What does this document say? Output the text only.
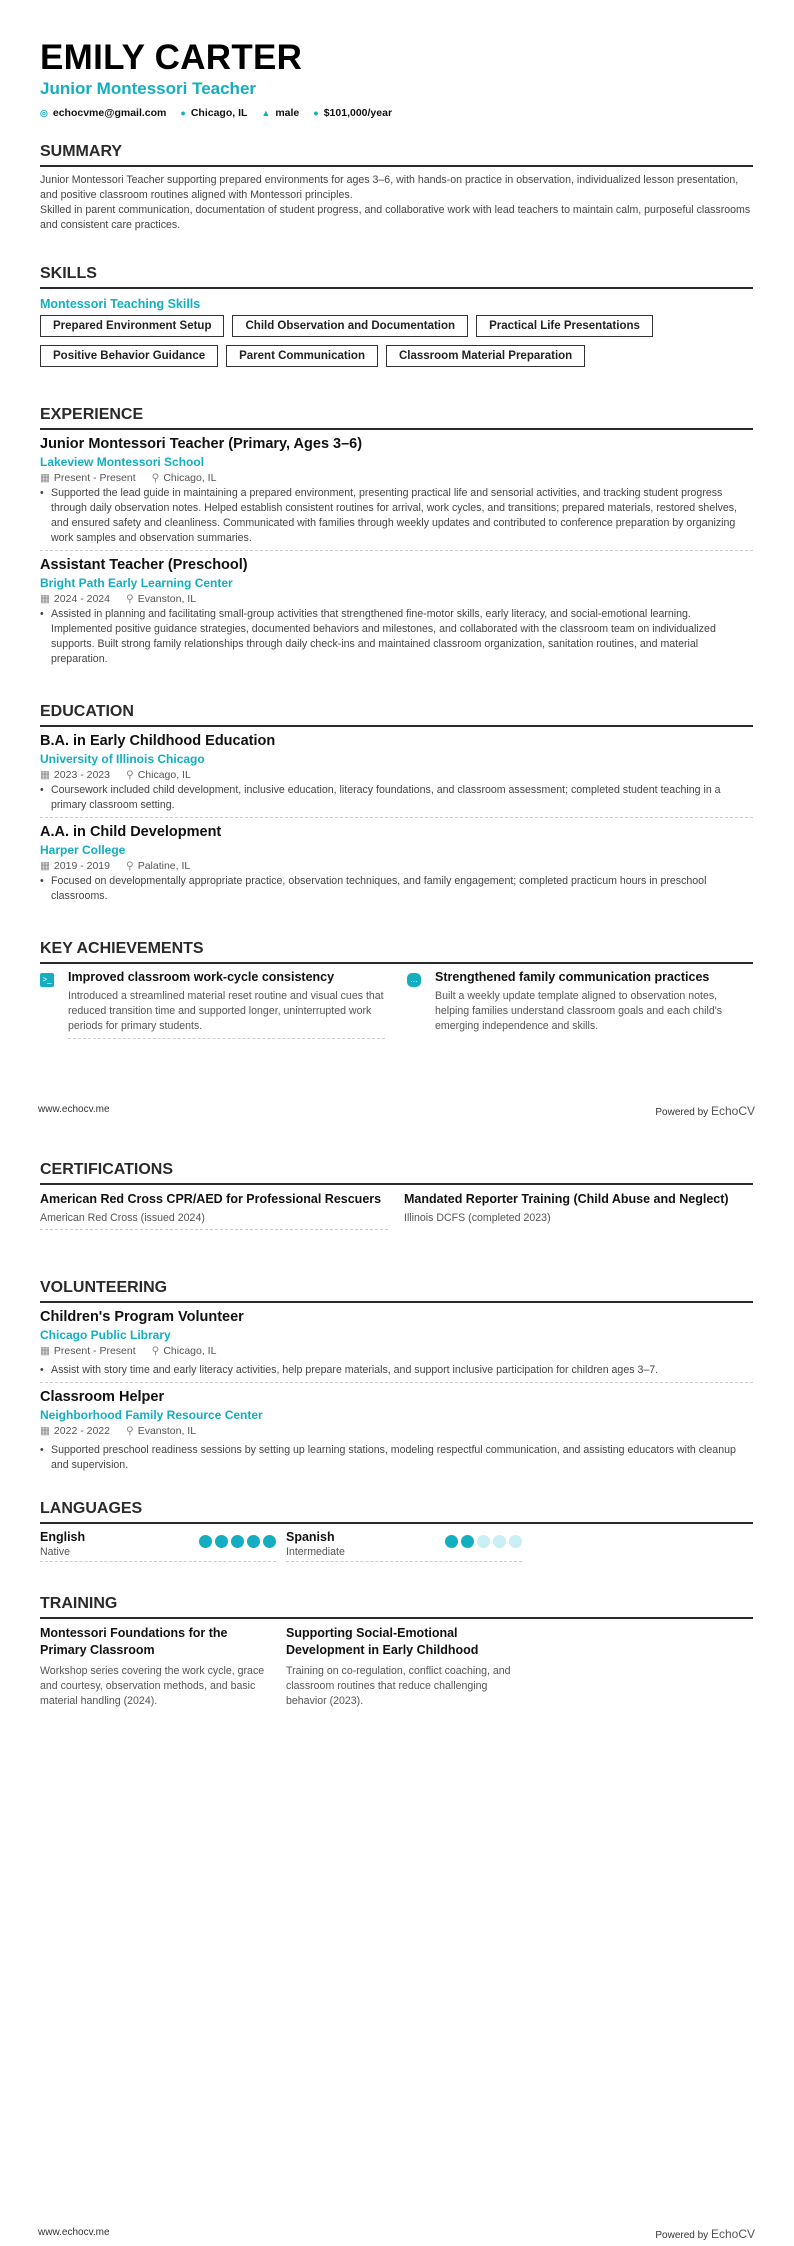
EMILY CARTER
Junior Montessori Teacher
◎ echocvme@gmail.com ● Chicago, IL ▲ male ● $101,000/year
SUMMARY
Junior Montessori Teacher supporting prepared environments for ages 3–6, with hands-on practice in observation, individualized lesson presentation, and positive classroom routines aligned with Montessori principles.
Skilled in parent communication, documentation of student progress, and collaborative work with lead teachers to maintain calm, purposeful classrooms and consistent care practices.
SKILLS
Montessori Teaching Skills
Prepared Environment Setup	Child Observation and Documentation	Practical Life Presentations
Positive Behavior Guidance	Parent Communication	Classroom Material Preparation
EXPERIENCE
Junior Montessori Teacher (Primary, Ages 3–6)
Lakeview Montessori School
▦ Present - Present ⚲ Chicago, IL
• Supported the lead guide in maintaining a prepared environment, presenting practical life and sensorial activities, and tracking student progress through daily observation notes. Helped establish consistent routines for arrival, work cycles, and transitions; prepared materials, restored shelves, and ensured safety and cleanliness. Communicated with families through weekly updates and contributed to conference preparation by organizing work samples and observation summaries.
Assistant Teacher (Preschool)
Bright Path Early Learning Center
▦ 2024 - 2024 ⚲ Evanston, IL
• Assisted in planning and facilitating small-group activities that strengthened fine-motor skills, early literacy, and social-emotional learning. Implemented positive guidance strategies, documented behaviors and milestones, and collaborated with the classroom team on individualized supports. Built strong family relationships through daily check-ins and maintained classroom organization, sanitation routines, and material preparation.
EDUCATION
B.A. in Early Childhood Education
University of Illinois Chicago
▦ 2023 - 2023 ⚲ Chicago, IL
• Coursework included child development, inclusive education, literacy foundations, and classroom assessment; completed student teaching in a primary classroom setting.
A.A. in Child Development
Harper College
▦ 2019 - 2019 ⚲ Palatine, IL
• Focused on developmentally appropriate practice, observation techniques, and family engagement; completed practicum hours in preschool classrooms.
KEY ACHIEVEMENTS
>_ Improved classroom work-cycle consistency
Introduced a streamlined material reset routine and visual cues that reduced transition time and supported longer, uninterrupted work periods for primary students.
… Strengthened family communication practices
Built a weekly update template aligned to observation notes, helping families understand classroom goals and each child's emerging independence and skills.
www.echocv.me	Powered by EchoCV
CERTIFICATIONS
American Red Cross CPR/AED for Professional Rescuers
American Red Cross (issued 2024)
Mandated Reporter Training (Child Abuse and Neglect)
Illinois DCFS (completed 2023)
VOLUNTEERING
Children's Program Volunteer
Chicago Public Library
▦ Present - Present ⚲ Chicago, IL
• Assist with story time and early literacy activities, help prepare materials, and support inclusive participation for children ages 3–7.
Classroom Helper
Neighborhood Family Resource Center
▦ 2022 - 2022 ⚲ Evanston, IL
• Supported preschool readiness sessions by setting up learning stations, modeling respectful communication, and assisting educators with cleanup and supervision.
LANGUAGES
English
Native
Spanish
Intermediate
TRAINING
Montessori Foundations for the Primary Classroom
Workshop series covering the work cycle, grace and courtesy, observation methods, and basic material handling (2024).
Supporting Social-Emotional Development in Early Childhood
Training on co-regulation, conflict coaching, and classroom routines that reduce challenging behavior (2023).
www.echocv.me	Powered by EchoCV
